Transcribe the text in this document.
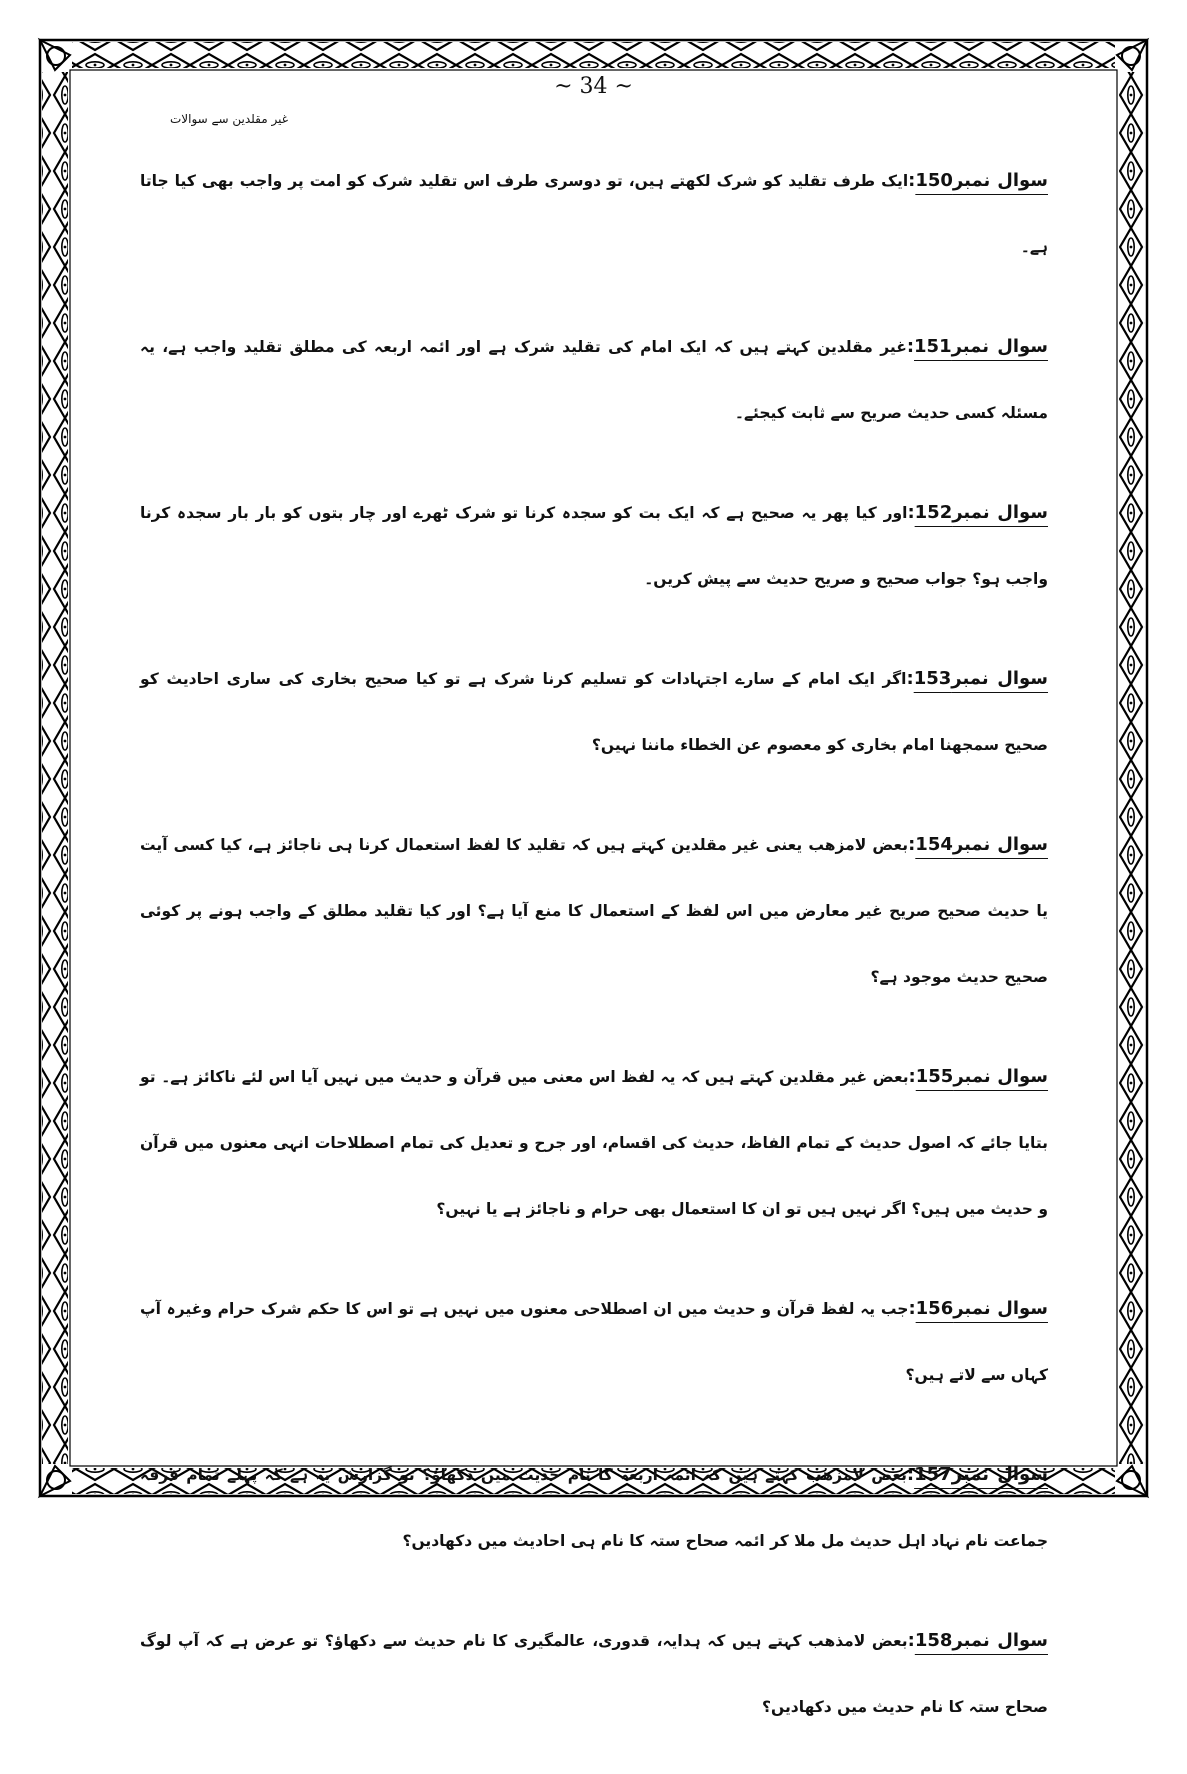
~ 34 ~
غیر مقلدین سے سوالات

سوال نمبر150:ایک طرف تقلید کو شرک لکھتے ہیں، تو دوسری طرف اس تقلید شرک کو امت پر واجب بھی کیا جاتا ہے۔

سوال نمبر151:غیر مقلدین کہتے ہیں کہ ایک امام کی تقلید شرک ہے اور ائمہ اربعہ کی مطلق تقلید واجب ہے، یہ مسئلہ کسی حدیث صریح سے ثابت کیجئے۔

سوال نمبر152:اور کیا پھر یہ صحیح ہے کہ ایک بت کو سجدہ کرنا تو شرک ٹھرے اور چار بتوں کو بار بار سجدہ کرنا واجب ہو؟ جواب صحیح و صریح حدیث سے پیش کریں۔

سوال نمبر153:اگر ایک امام کے سارے اجتہادات کو تسلیم کرنا شرک ہے تو کیا صحیح بخاری کی ساری احادیث کو صحیح سمجھنا امام بخاری کو معصوم عن الخطاء ماننا نہیں؟

سوال نمبر154:بعض لامزھب یعنی غیر مقلدین کہتے ہیں کہ تقلید کا لفظ استعمال کرنا ہی ناجائز ہے، کیا کسی آیت یا حدیث صحیح صریح غیر معارض میں اس لفظ کے استعمال کا منع آیا ہے؟ اور کیا تقلید مطلق کے واجب ہونے پر کوئی صحیح حدیث موجود ہے؟

سوال نمبر155:بعض غیر مقلدین کہتے ہیں کہ یہ لفظ اس معنی میں قرآن و حدیث میں نہیں آیا اس لئے ناکائز ہے۔ تو بتایا جائے کہ اصول حدیث کے تمام الفاظ، حدیث کی اقسام، اور جرح و تعدیل کی تمام اصطلاحات انہی معنوں میں قرآن و حدیث میں ہیں؟ اگر نہیں ہیں تو ان کا استعمال بھی حرام و ناجائز ہے یا نہیں؟

سوال نمبر156:جب یہ لفظ قرآن و حدیث میں ان اصطلاحی معنوں میں نہیں ہے تو اس کا حکم شرک حرام وغیرہ آپ کہاں سے لاتے ہیں؟

سوال نمبر157:بعض لامزھب کہتے ہیں کہ ائمہ اربعہ کا نام حدیث میں دکھاؤ؟ تو گزارش یہ ہے کہ پہلے تمام فرقہ جماعت نام نہاد اہل حدیث مل ملا کر ائمہ صحاح ستہ کا نام ہی احادیث میں دکھادیں؟

سوال نمبر158:بعض لامذھب کہتے ہیں کہ ہدایہ، قدوری، عالمگیری کا نام حدیث سے دکھاؤ؟ تو عرض ہے کہ آپ لوگ صحاح ستہ کا نام حدیث میں دکھادیں؟
